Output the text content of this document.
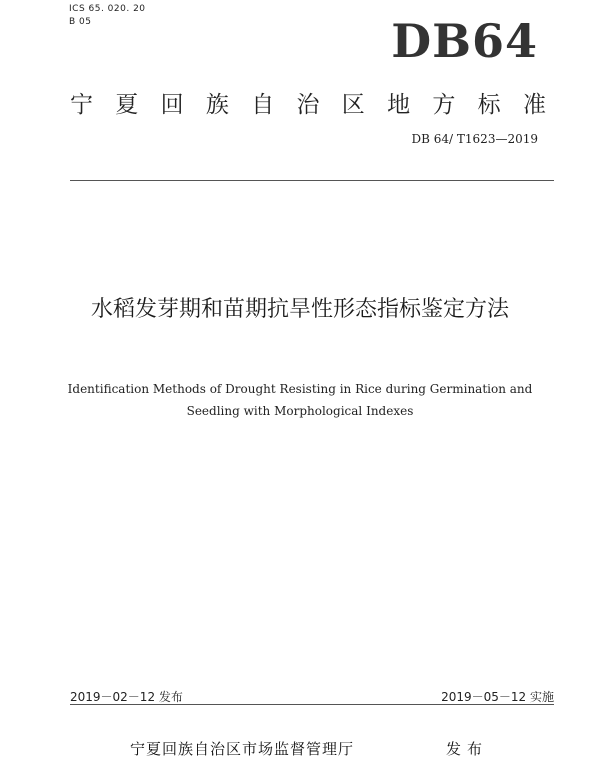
ICS 65. 020. 20
B 05	DB64
宁 夏 回 族 自 治 区 地 方 标 准
DB 64/ T1623—2019
水稻发芽期和苗期抗旱性形态指标鉴定方法
Identification Methods of Drought Resisting in Rice during Germination and
Seedling with Morphological Indexes
2019－02－12 发布	2019－05－12 实施
宁夏回族自治区市场监督管理厅	发布
